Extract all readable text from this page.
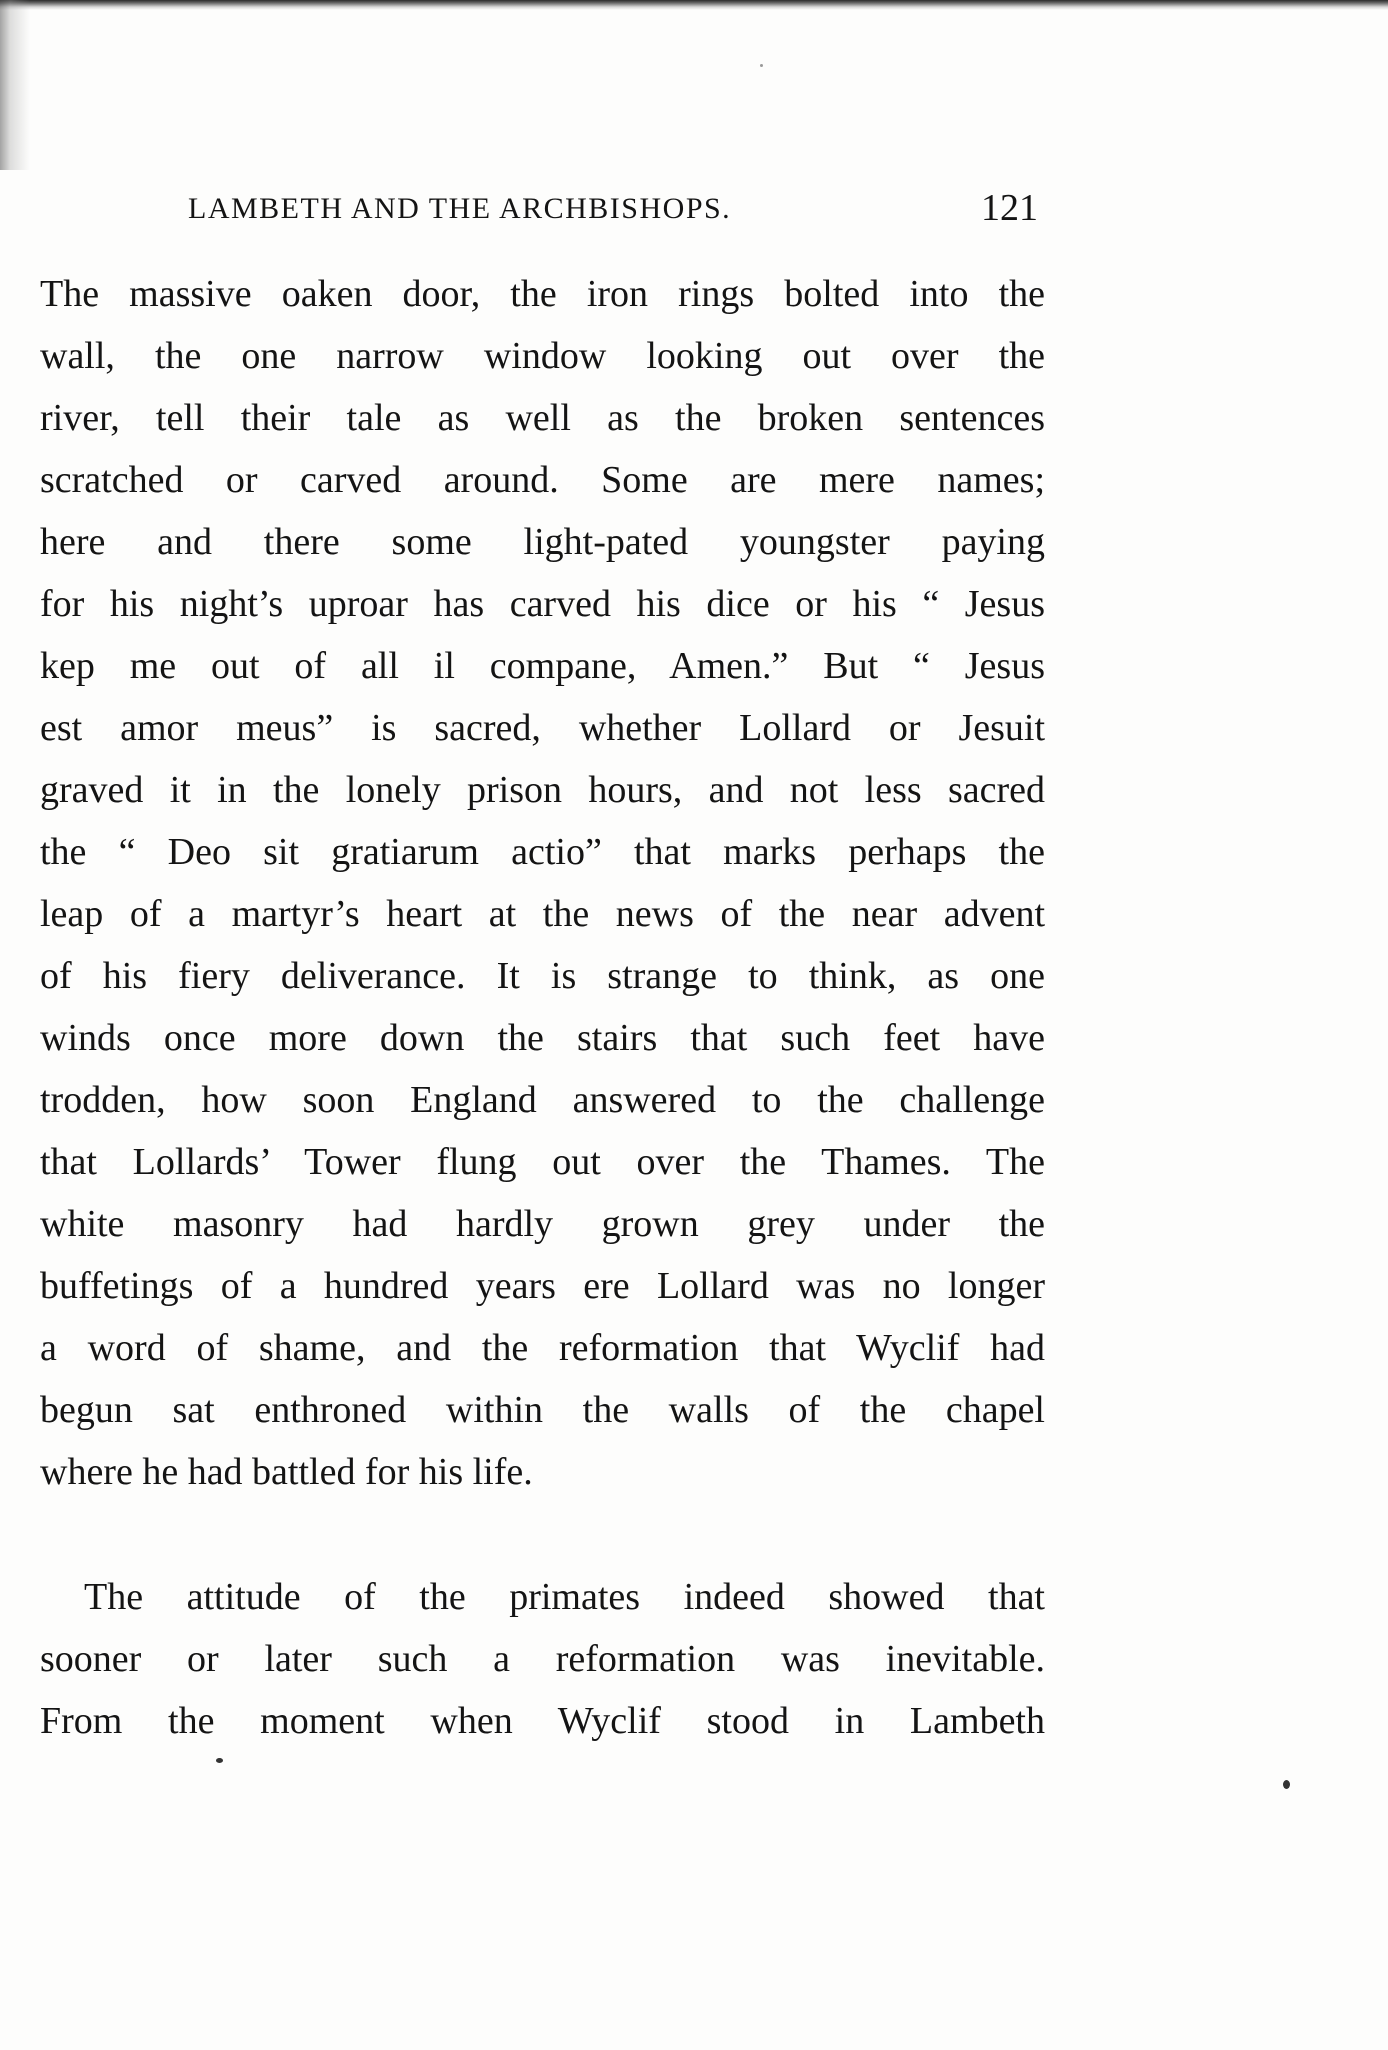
LAMBETH AND THE ARCHBISHOPS.	121
The massive oaken door, the iron rings bolted into the
wall, the one narrow window looking out over the
river, tell their tale as well as the broken sentences
scratched or carved around. Some are mere names;
here and there some light-pated youngster paying
for his night’s uproar has carved his dice or his “ Jesus
kep me out of all il compane, Amen.” But “ Jesus
est amor meus” is sacred, whether Lollard or Jesuit
graved it in the lonely prison hours, and not less sacred
the “ Deo sit gratiarum actio” that marks perhaps the
leap of a martyr’s heart at the news of the near advent
of his fiery deliverance. It is strange to think, as one
winds once more down the stairs that such feet have
trodden, how soon England answered to the challenge
that Lollards’ Tower flung out over the Thames. The
white masonry had hardly grown grey under the
buffetings of a hundred years ere Lollard was no longer
a word of shame, and the reformation that Wyclif had
begun sat enthroned within the walls of the chapel
where he had battled for his life.
The attitude of the primates indeed showed that
sooner or later such a reformation was inevitable.
From the moment when Wyclif stood in Lambeth
